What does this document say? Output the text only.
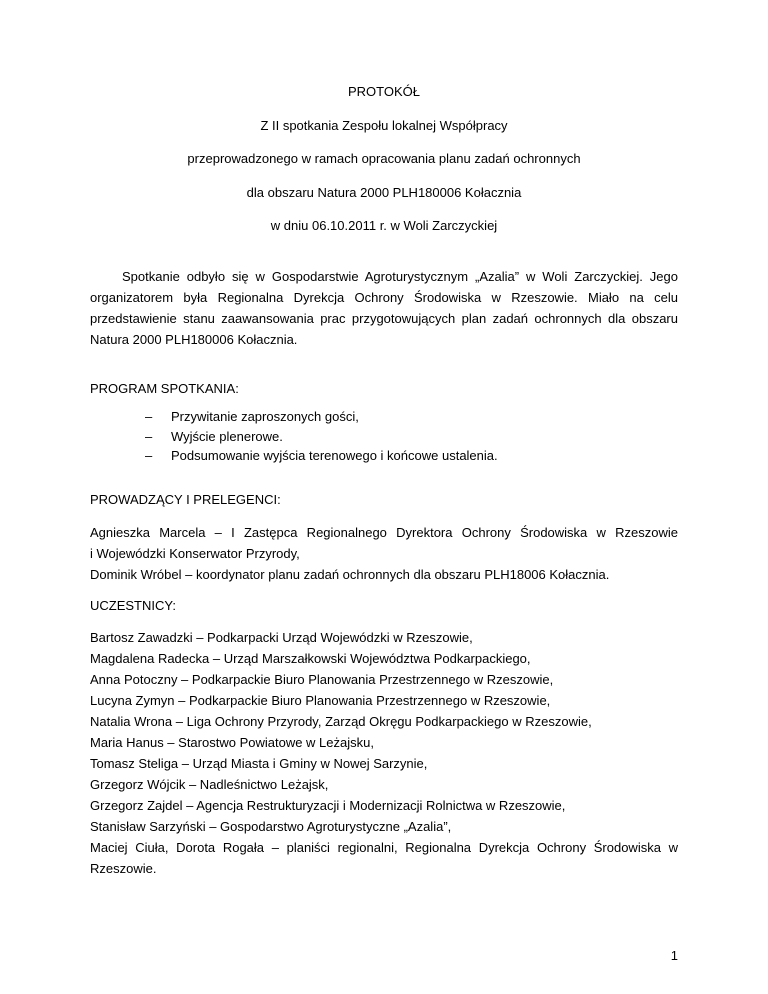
PROTOKÓŁ
Z II spotkania Zespołu lokalnej Współpracy
przeprowadzonego w ramach opracowania planu zadań ochronnych
dla obszaru Natura 2000 PLH180006 Kołacznia
w dniu 06.10.2011 r. w Woli Zarczyckiej
Spotkanie odbyło się w Gospodarstwie Agroturystycznym „Azalia” w Woli Zarczyckiej. Jego organizatorem była Regionalna Dyrekcja Ochrony Środowiska w Rzeszowie. Miało na celu przedstawienie stanu zaawansowania prac przygotowujących plan zadań ochronnych dla obszaru Natura 2000 PLH180006 Kołacznia.
PROGRAM SPOTKANIA:
– Przywitanie zaproszonych gości,
– Wyjście plenerowe.
– Podsumowanie wyjścia terenowego i końcowe ustalenia.
PROWADZĄCY I PRELEGENCI:
Agnieszka Marcela – I Zastępca Regionalnego Dyrektora Ochrony Środowiska w Rzeszowie
i Wojewódzki Konserwator Przyrody,
Dominik Wróbel – koordynator planu zadań ochronnych dla obszaru PLH18006 Kołacznia.
UCZESTNICY:
Bartosz Zawadzki – Podkarpacki Urząd Wojewódzki w Rzeszowie,
Magdalena Radecka – Urząd Marszałkowski Województwa Podkarpackiego,
Anna Potoczny – Podkarpackie Biuro Planowania Przestrzennego w Rzeszowie,
Lucyna Zymyn – Podkarpackie Biuro Planowania Przestrzennego w Rzeszowie,
Natalia Wrona – Liga Ochrony Przyrody, Zarząd Okręgu Podkarpackiego w Rzeszowie,
Maria Hanus – Starostwo Powiatowe w Leżajsku,
Tomasz Steliga – Urząd Miasta i Gminy w Nowej Sarzynie,
Grzegorz Wójcik – Nadleśnictwo Leżajsk,
Grzegorz Zajdel – Agencja Restrukturyzacji i Modernizacji Rolnictwa w Rzeszowie,
Stanisław Sarzyński – Gospodarstwo Agroturystyczne „Azalia”,
Maciej Ciuła, Dorota Rogała – planiści regionalni, Regionalna Dyrekcja Ochrony Środowiska w Rzeszowie.
1
